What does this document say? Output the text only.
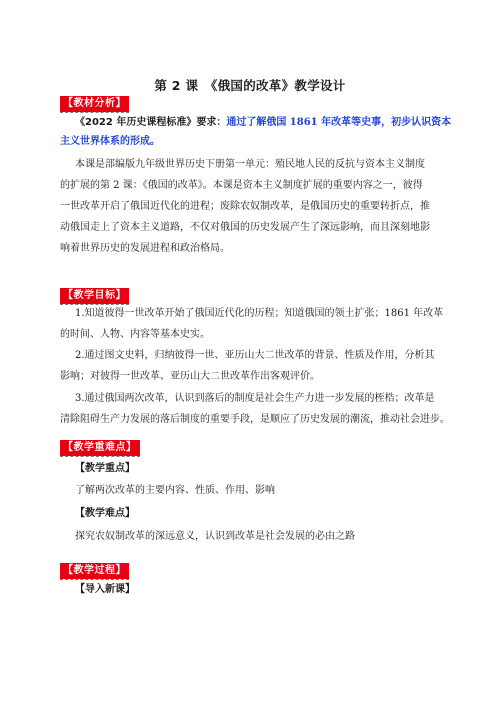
第 2 课　《俄国的改革》教学设计
【教材分析】
《2022 年历史课程标准》要求：通过了解俄国 1861 年改革等史事，初步认识资本
主义世界体系的形成。
本课是部编版九年级世界历史下册第一单元：殖民地人民的反抗与资本主义制度
的扩展的第 2 课：《俄国的改革》。本课是资本主义制度扩展的重要内容之一，彼得
一世改革开启了俄国近代化的进程；废除农奴制改革，是俄国历史的重要转折点，推
动俄国走上了资本主义道路，不仅对俄国的历史发展产生了深远影响，而且深刻地影
响着世界历史的发展进程和政治格局。
【教学目标】
1.知道彼得一世改革开始了俄国近代化的历程；知道俄国的领土扩张；1861 年改革
的时间、人物、内容等基本史实。
2.通过图文史料，归纳彼得一世、亚历山大二世改革的背景、性质及作用，分析其
影响；对彼得一世改革、亚历山大二世改革作出客观评价。
3.通过俄国两次改革，认识到落后的制度是社会生产力进一步发展的桎梏；改革是
清除阻碍生产力发展的落后制度的重要手段，是顺应了历史发展的潮流，推动社会进步。
【教学重难点】
【教学重点】
了解两次改革的主要内容、性质、作用、影响
【教学难点】
探究农奴制改革的深远意义，认识到改革是社会发展的必由之路
【教学过程】
【导入新课】
